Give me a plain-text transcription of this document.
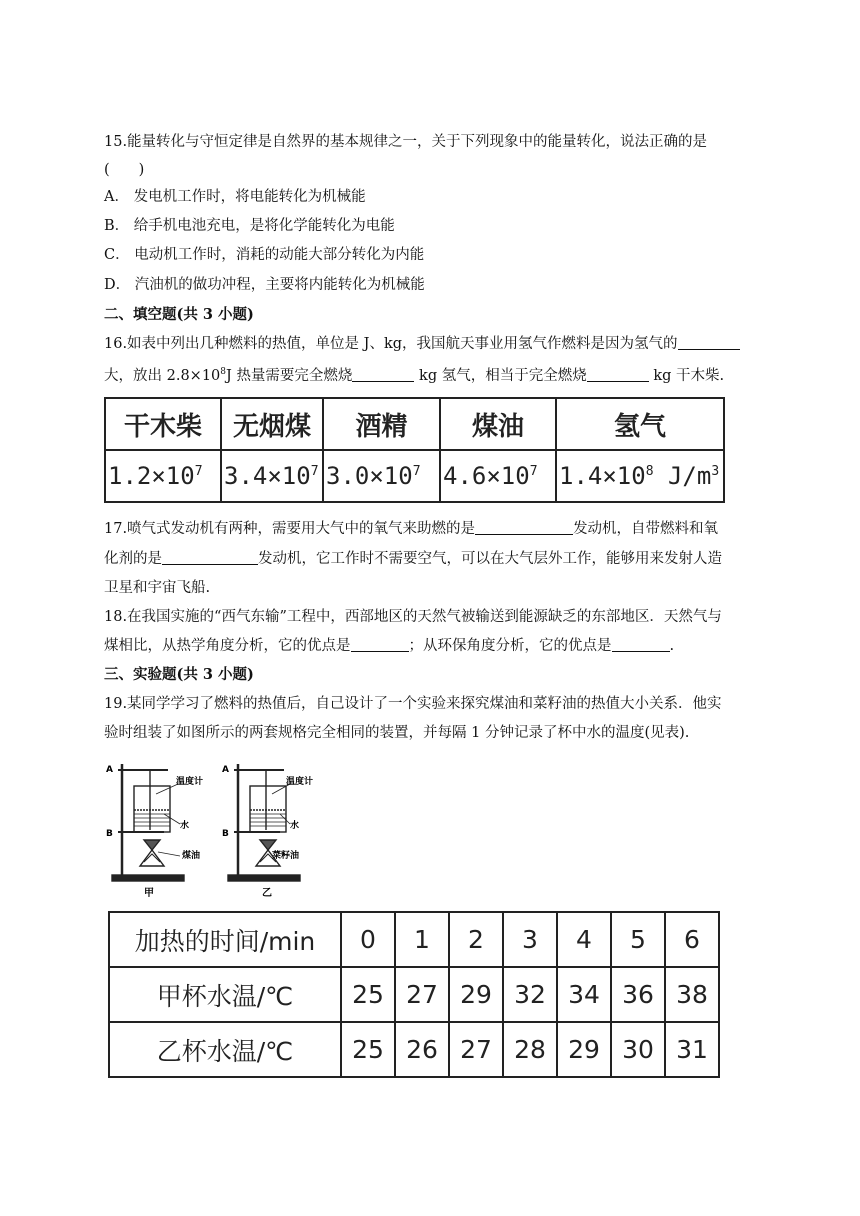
15.能量转化与守恒定律是自然界的基本规律之一，关于下列现象中的能量转化，说法正确的是
(　　)
A． 发电机工作时，将电能转化为机械能
B． 给手机电池充电，是将化学能转化为电能
C． 电动机工作时，消耗的动能大部分转化为内能
D． 汽油机的做功冲程，主要将内能转化为机械能
二、填空题(共 3 小题)
16.如表中列出几种燃料的热值，单位是 J、kg，我国航天事业用氢气作燃料是因为氢气的
大，放出 $2.8\times 10^8J$ 热量需要完全燃烧	kg 氢气，相当于完全燃烧	kg 干木柴.
干木柴	无烟煤	酒精	煤油	氢气
$1.2\times 10^7$	$3.4\times 10^7$	$3.0\times 10^7$	$4.6\times 10^7$	$1.4\times 10^8$ $J/m^3$
17.喷气式发动机有两种，需要用大气中的氧气来助燃的是	发动机，自带燃料和氧
化剂的是	发动机，它工作时不需要空气，可以在大气层外工作，能够用来发射人造
卫星和宇宙飞船.
18.在我国实施的“西气东输”工程中，西部地区的天然气被输送到能源缺乏的东部地区．天然气与
煤相比，从热学角度分析，它的优点是	；从环保角度分析，它的优点是	.
三、实验题(共 3 小题)
19.某同学学习了燃料的热值后，自己设计了一个实验来探究煤油和菜籽油的热值大小关系．他实
验时组装了如图所示的两套规格完全相同的装置，并每隔 1 分钟记录了杯中水的温度(见表).
A
B
A
B
温度计
水
煤油
温度计
水
菜籽油
甲	乙
加热的时间/min	0	1	2	3	4	5	6
甲杯水温/℃	25	27	29	32	34	36	38
乙杯水温/℃	25	26	27	28	29	30	31
